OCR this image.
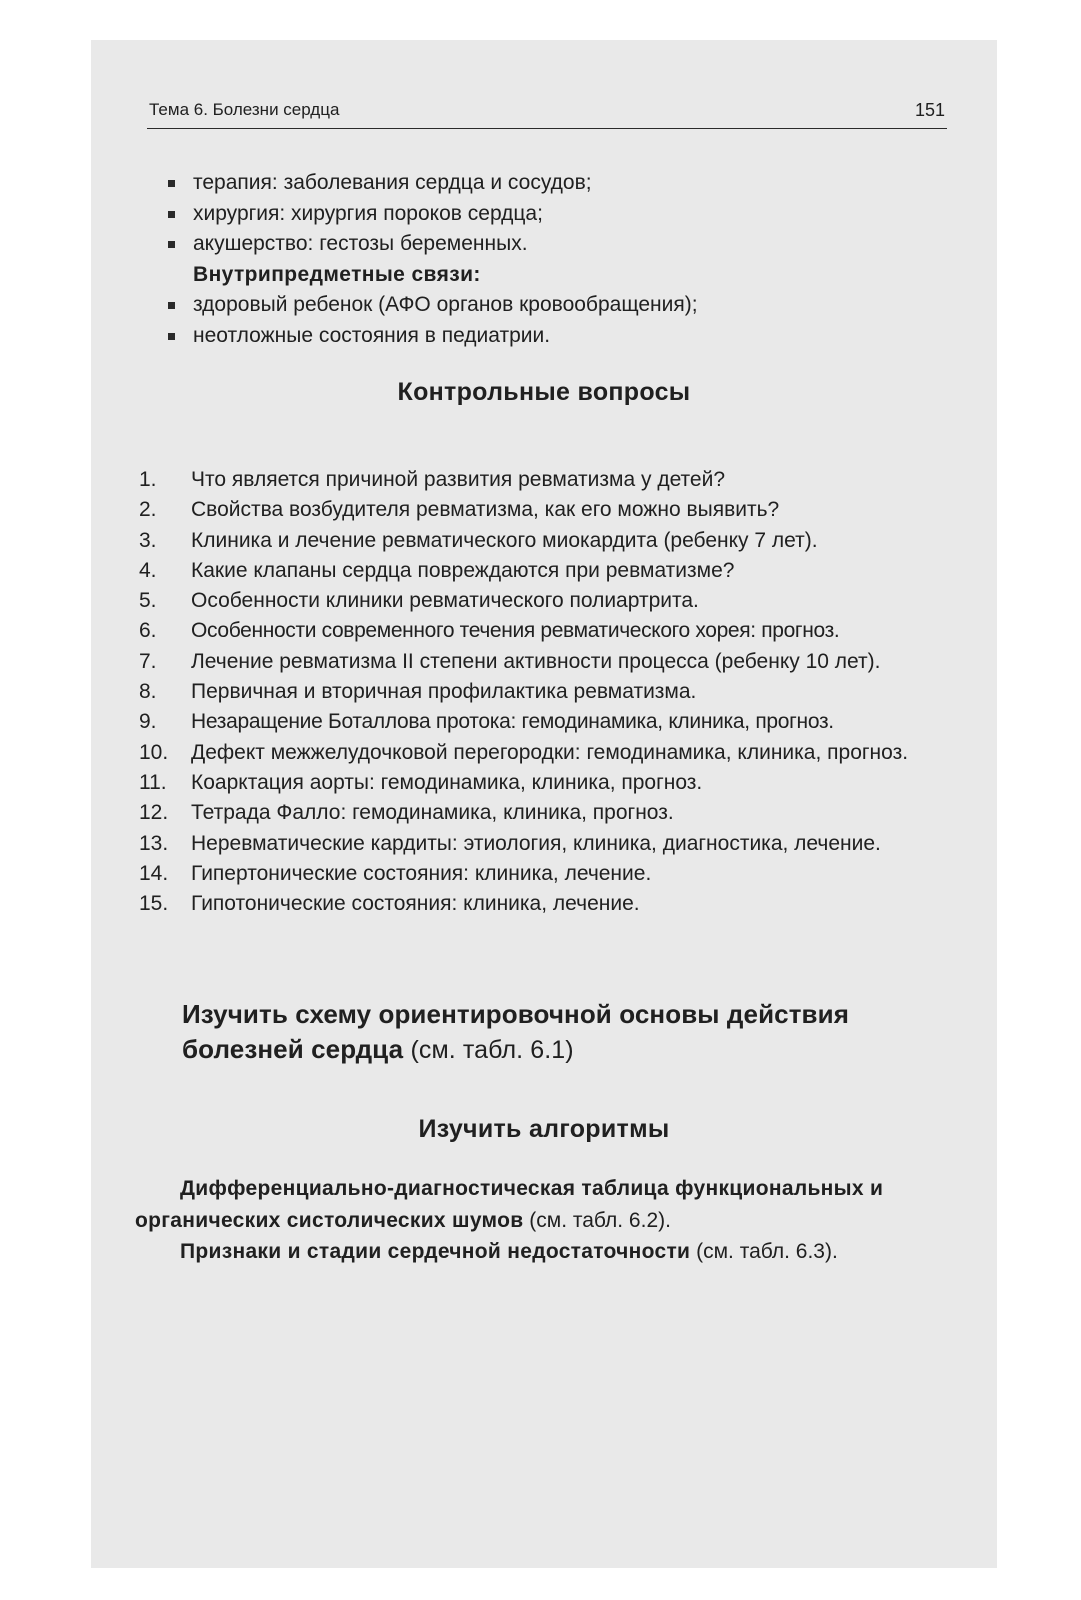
Тема 6. Болезни сердца	151
терапия: заболевания сердца и сосудов;
хирургия: хирургия пороков сердца;
акушерство: гестозы беременных.
Внутрипредметные связи:
здоровый ребенок (АФО органов кровообращения);
неотложные состояния в педиатрии.
Контрольные вопросы
1.	Что является причиной развития ревматизма у детей?
2.	Свойства возбудителя ревматизма, как его можно выявить?
3.	Клиника и лечение ревматического миокардита (ребенку 7 лет).
4.	Какие клапаны сердца повреждаются при ревматизме?
5.	Особенности клиники ревматического полиартрита.
6.	Особенности современного течения ревматического хорея: прогноз.
7.	Лечение ревматизма II степени активности процесса (ребенку 10 лет).
8.	Первичная и вторичная профилактика ревматизма.
9.	Незаращение Боталлова протока: гемодинамика, клиника, прогноз.
10.	Дефект межжелудочковой перегородки: гемодинамика, клиника, прогноз.
11.	Коарктация аорты: гемодинамика, клиника, прогноз.
12.	Тетрада Фалло: гемодинамика, клиника, прогноз.
13.	Неревматические кардиты: этиология, клиника, диагностика, лечение.
14.	Гипертонические состояния: клиника, лечение.
15.	Гипотонические состояния: клиника, лечение.
Изучить схему ориентировочной основы действия болезней сердца (см. табл. 6.1)
Изучить алгоритмы

Дифференциально-диагностическая таблица функциональных и органических систолических шумов (см. табл. 6.2).

Признаки и стадии сердечной недостаточности (см. табл. 6.3).
